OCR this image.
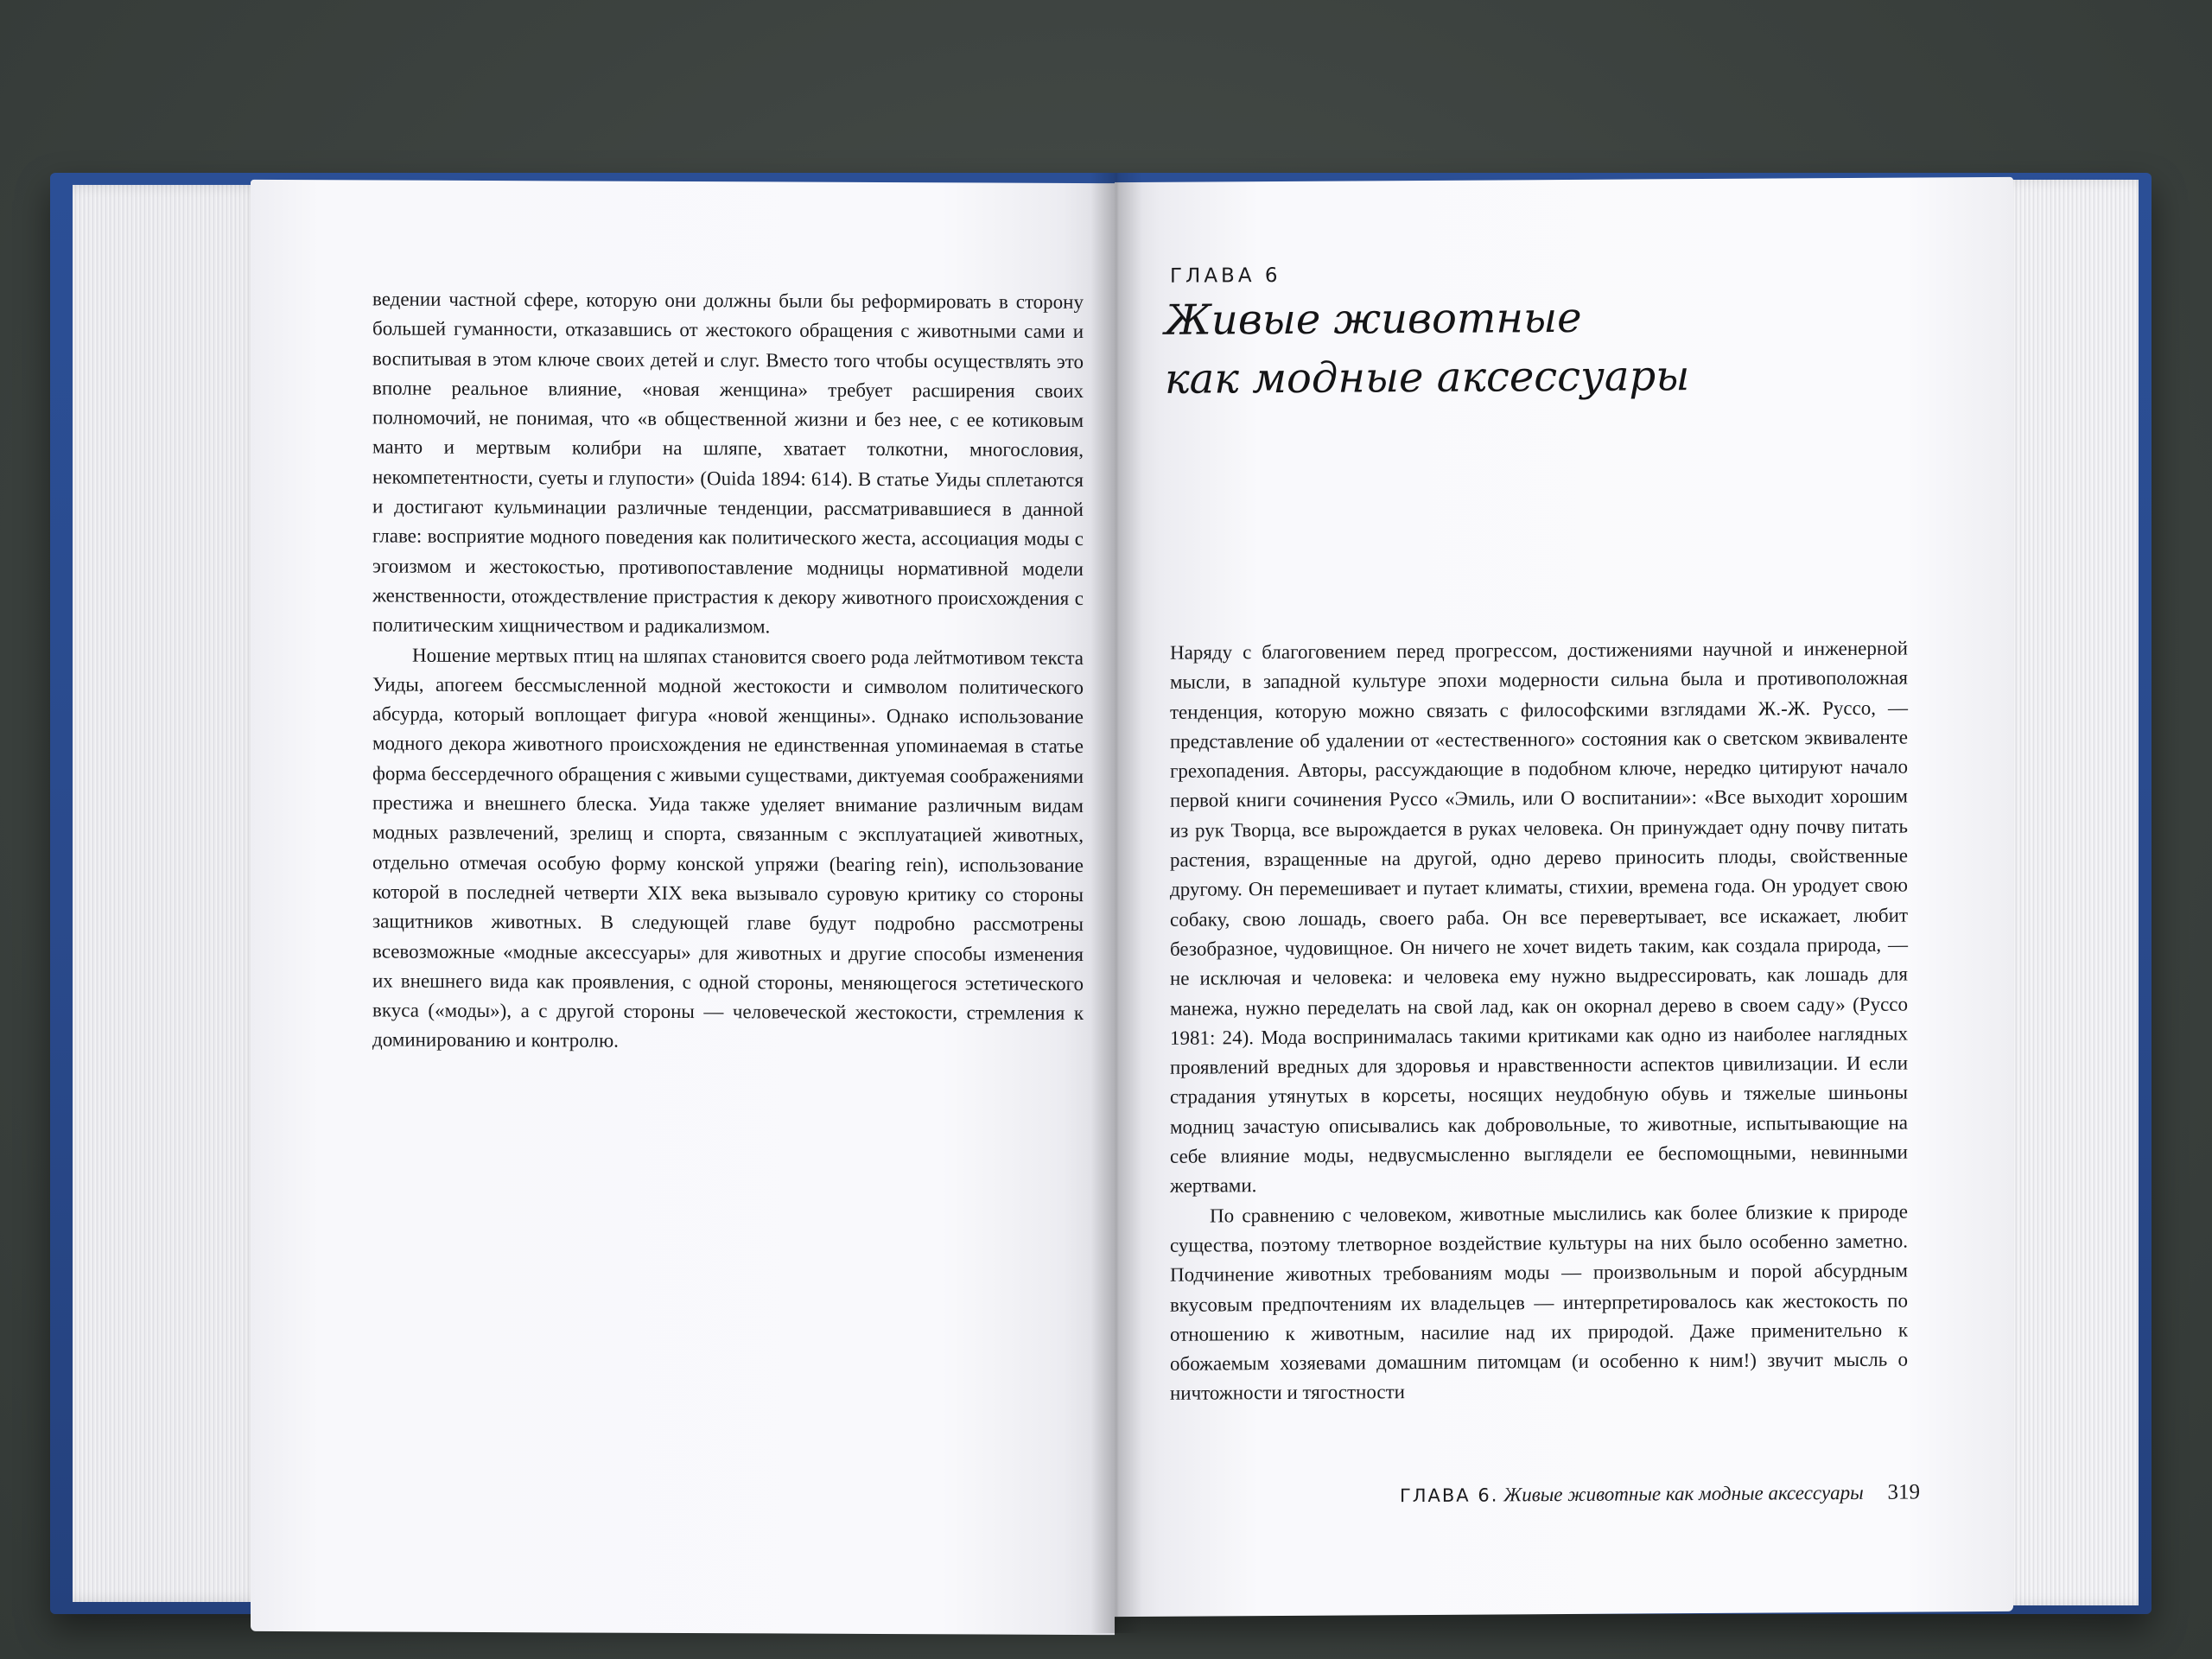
ведении частной сфере, которую они должны были бы реформировать в сторону большей гуманности, отказавшись от жестокого обращения с животными сами и воспитывая в этом ключе своих детей и слуг. Вместо того чтобы осуществлять это вполне реальное влияние, «новая женщина» требует расширения своих полномочий, не понимая, что «в общественной жизни и без нее, с ее котиковым манто и мертвым колибри на шляпе, хватает толкотни, многословия, некомпетентности, суеты и глупости» (Ouida 1894: 614). В статье Уиды сплетаются и достигают кульминации различные тенденции, рассматривавшиеся в данной главе: восприятие модного поведения как политического жеста, ассоциация моды с эгоизмом и жестокостью, противопоставление модницы нормативной модели женственности, отождествление пристрастия к декору животного происхождения с политическим хищничеством и радикализмом.

Ношение мертвых птиц на шляпах становится своего рода лейтмотивом текста Уиды, апогеем бессмысленной модной жестокости и символом политического абсурда, который воплощает фигура «новой женщины». Однако использование модного декора животного происхождения не единственная упоминаемая в статье форма бессердечного обращения с живыми существами, диктуемая соображениями престижа и внешнего блеска. Уида также уделяет внимание различным видам модных развлечений, зрелищ и спорта, связанным с эксплуатацией животных, отдельно отмечая особую форму конской упряжи (bearing rein), использование которой в последней четверти XIX века вызывало суровую критику со стороны защитников животных. В следующей главе будут подробно рассмотрены всевозможные «модные аксессуары» для животных и другие способы изменения их внешнего вида как проявления, с одной стороны, меняющегося эстетического вкуса («моды»), а с другой стороны — человеческой жестокости, стремления к доминированию и контролю.

ГЛАВА 6
Живые животные
как модные аксессуары

Наряду с благоговением перед прогрессом, достижениями научной и инженерной мысли, в западной культуре эпохи модерности сильна была и противоположная тенденция, которую можно связать с философскими взглядами Ж.-Ж. Руссо, — представление об удалении от «естественного» состояния как о светском эквиваленте грехопадения. Авторы, рассуждающие в подобном ключе, нередко цитируют начало первой книги сочинения Руссо «Эмиль, или О воспитании»: «Все выходит хорошим из рук Творца, все вырождается в руках человека. Он принуждает одну почву питать растения, взращенные на другой, одно дерево приносить плоды, свойственные другому. Он перемешивает и путает климаты, стихии, времена года. Он уродует свою собаку, свою лошадь, своего раба. Он все перевертывает, все искажает, любит безобразное, чудовищное. Он ничего не хочет видеть таким, как создала природа, — не исключая и человека: и человека ему нужно выдрессировать, как лошадь для манежа, нужно переделать на свой лад, как он окорнал дерево в своем саду» (Руссо 1981: 24). Мода воспринималась такими критиками как одно из наиболее наглядных проявлений вредных для здоровья и нравственности аспектов цивилизации. И если страдания утянутых в корсеты, носящих неудобную обувь и тяжелые шиньоны модниц зачастую описывались как добровольные, то животные, испытывающие на себе влияние моды, недвусмысленно выглядели ее беспомощными, невинными жертвами.

По сравнению с человеком, животные мыслились как более близкие к природе существа, поэтому тлетворное воздействие культуры на них было особенно заметно. Подчинение животных требованиям моды — произвольным и порой абсурдным вкусовым предпочтениям их владельцев — интерпретировалось как жестокость по отношению к животным, насилие над их природой. Даже применительно к обожаемым хозяевами домашним питомцам (и особенно к ним!) звучит мысль о ничтожности и тягостности

ГЛАВА 6. Живые животные как модные аксессуары 319
